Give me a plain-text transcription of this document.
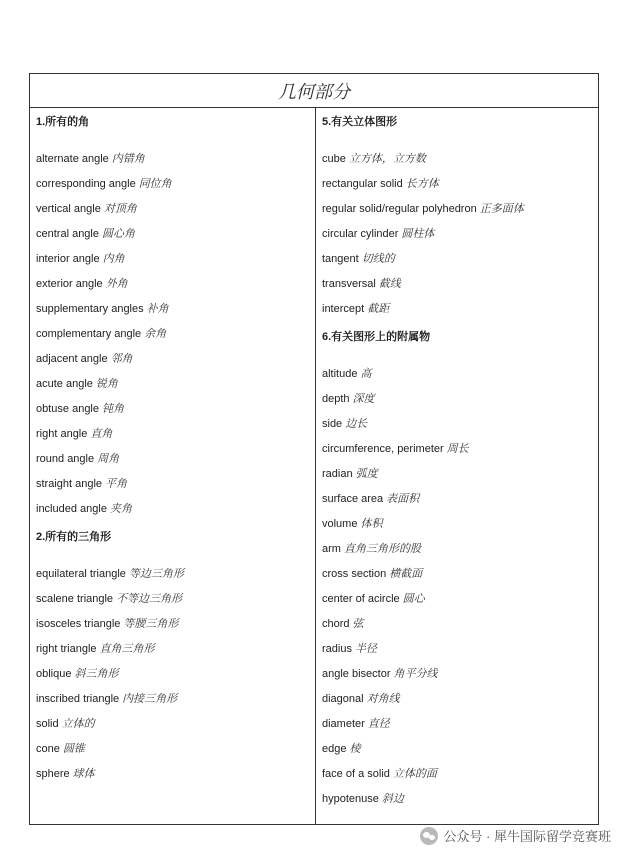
几何部分
1.所有的角
alternate angle 内错角
corresponding angle 同位角
vertical angle 对顶角
central angle 圆心角
interior angle 内角
exterior angle 外角
supplementary angles 补角
complementary angle 余角
adjacent angle 邻角
acute angle 锐角
obtuse angle 钝角
right angle 直角
round angle 周角
straight angle 平角
included angle 夹角
2.所有的三角形
equilateral triangle 等边三角形
scalene triangle 不等边三角形
isosceles triangle 等腰三角形
right triangle 直角三角形
oblique 斜三角形
inscribed triangle 内接三角形
solid 立体的
cone 圆锥
sphere 球体
5.有关立体图形
cube 立方体，立方数
rectangular solid 长方体
regular solid/regular polyhedron 正多面体
circular cylinder 圆柱体
tangent 切线的
transversal 截线
intercept 截距
6.有关图形上的附属物
altitude 高
depth 深度
side 边长
circumference, perimeter 周长
radian 弧度
surface area 表面积
volume 体积
arm 直角三角形的股
cross section 横截面
center of acircle 圆心
chord 弦
radius 半径
angle bisector 角平分线
diagonal 对角线
diameter 直径
edge 棱
face of a solid 立体的面
hypotenuse 斜边
公众号 · 犀牛国际留学竞赛班
